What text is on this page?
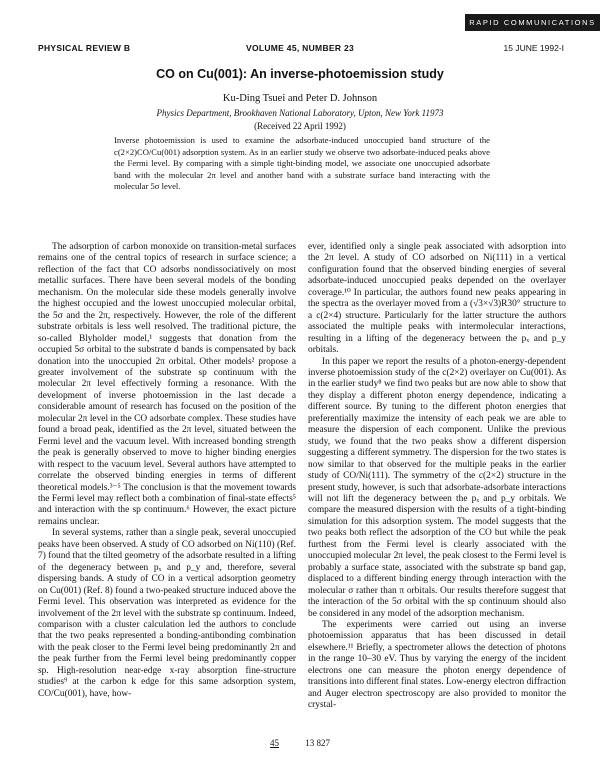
RAPID COMMUNICATIONS
PHYSICAL REVIEW B	VOLUME 45, NUMBER 23	15 JUNE 1992-I
CO on Cu(001): An inverse-photoemission study
Ku-Ding Tsuei and Peter D. Johnson
Physics Department, Brookhaven National Laboratory, Upton, New York 11973
(Received 22 April 1992)
Inverse photoemission is used to examine the adsorbate-induced unoccupied band structure of the c(2×2)CO/Cu(001) adsorption system. As in an earlier study we observe two adsorbate-induced peaks above the Fermi level. By comparing with a simple tight-binding model, we associate one unoccupied adsorbate band with the molecular 2π level and another band with a substrate surface band interacting with the molecular 5σ level.

The adsorption of carbon monoxide on transition-metal surfaces remains one of the central topics of research in surface science; a reflection of the fact that CO adsorbs nondissociatively on most metallic surfaces. There have been several models of the bonding mechanism. On the molecular side these models generally involve the highest occupied and the lowest unoccupied molecular orbital, the 5σ and the 2π, respectively. However, the role of the different substrate orbitals is less well resolved. The traditional picture, the so-called Blyholder model,¹ suggests that donation from the occupied 5σ orbital to the substrate d bands is compensated by back donation into the unoccupied 2π orbital. Other models² propose a greater involvement of the substrate sp continuum with the molecular 2π level effectively forming a resonance. With the development of inverse photoemission in the last decade a considerable amount of research has focused on the position of the molecular 2π level in the CO adsorbate complex. These studies have found a broad peak, identified as the 2π level, situated between the Fermi level and the vacuum level. With increased bonding strength the peak is generally observed to move to higher binding energies with respect to the vacuum level. Several authors have attempted to correlate the observed binding energies in terms of different theoretical models.³⁻⁵ The conclusion is that the movement towards the Fermi level may reflect both a combination of final-state effects⁵ and interaction with the sp continuum.⁶ However, the exact picture remains unclear.

In several systems, rather than a single peak, several unoccupied peaks have been observed. A study of CO adsorbed on Ni(110) (Ref. 7) found that the tilted geometry of the adsorbate resulted in a lifting of the degeneracy between pₓ and p_y and, therefore, several dispersing bands. A study of CO in a vertical adsorption geometry on Cu(001) (Ref. 8) found a two-peaked structure induced above the Fermi level. This observation was interpreted as evidence for the involvement of the 2π level with the substrate sp continuum. Indeed, comparison with a cluster calculation led the authors to conclude that the two peaks represented a bonding-antibonding combination with the peak closer to the Fermi level being predominantly 2π and the peak further from the Fermi level being predominantly copper sp. High-resolution near-edge x-ray absorption fine-structure studies⁹ at the carbon k edge for this same adsorption system, CO/Cu(001), have, how-

ever, identified only a single peak associated with adsorption into the 2π level. A study of CO adsorbed on Ni(111) in a vertical configuration found that the observed binding energies of several adsorbate-induced unoccupied peaks depended on the overlayer coverage.¹⁰ In particular, the authors found new peaks appearing in the spectra as the overlayer moved from a (√3×√3)R30° structure to a c(2×4) structure. Particularly for the latter structure the authors associated the multiple peaks with intermolecular interactions, resulting in a lifting of the degeneracy between the pₓ and p_y orbitals.

In this paper we report the results of a photon-energy-dependent inverse photoemission study of the c(2×2) overlayer on Cu(001). As in the earlier study⁸ we find two peaks but are now able to show that they display a different photon energy dependence, indicating a different source. By tuning to the different photon energies that preferentially maximize the intensity of each peak we are able to measure the dispersion of each component. Unlike the previous study, we found that the two peaks show a different dispersion suggesting a different symmetry. The dispersion for the two states is now similar to that observed for the multiple peaks in the earlier study of CO/Ni(111). The symmetry of the c(2×2) structure in the present study, however, is such that adsorbate-adsorbate interactions will not lift the degeneracy between the pₓ and p_y orbitals. We compare the measured dispersion with the results of a tight-binding simulation for this adsorption system. The model suggests that the two peaks both reflect the adsorption of the CO but while the peak furthest from the Fermi level is clearly associated with the unoccupied molecular 2π level, the peak closest to the Fermi level is probably a surface state, associated with the substrate sp band gap, displaced to a different binding energy through interaction with the molecular σ rather than π orbitals. Our results therefore suggest that the interaction of the 5σ orbital with the sp continuum should also be considered in any model of the adsorption mechanism.

The experiments were carried out using an inverse photoemission apparatus that has been discussed in detail elsewhere.¹¹ Briefly, a spectrometer allows the detection of photons in the range 10–30 eV. Thus by varying the energy of the incident electrons one can measure the photon energy dependence of transitions into different final states. Low-energy electron diffraction and Auger electron spectroscopy are also provided to monitor the crystal-

45	13 827
